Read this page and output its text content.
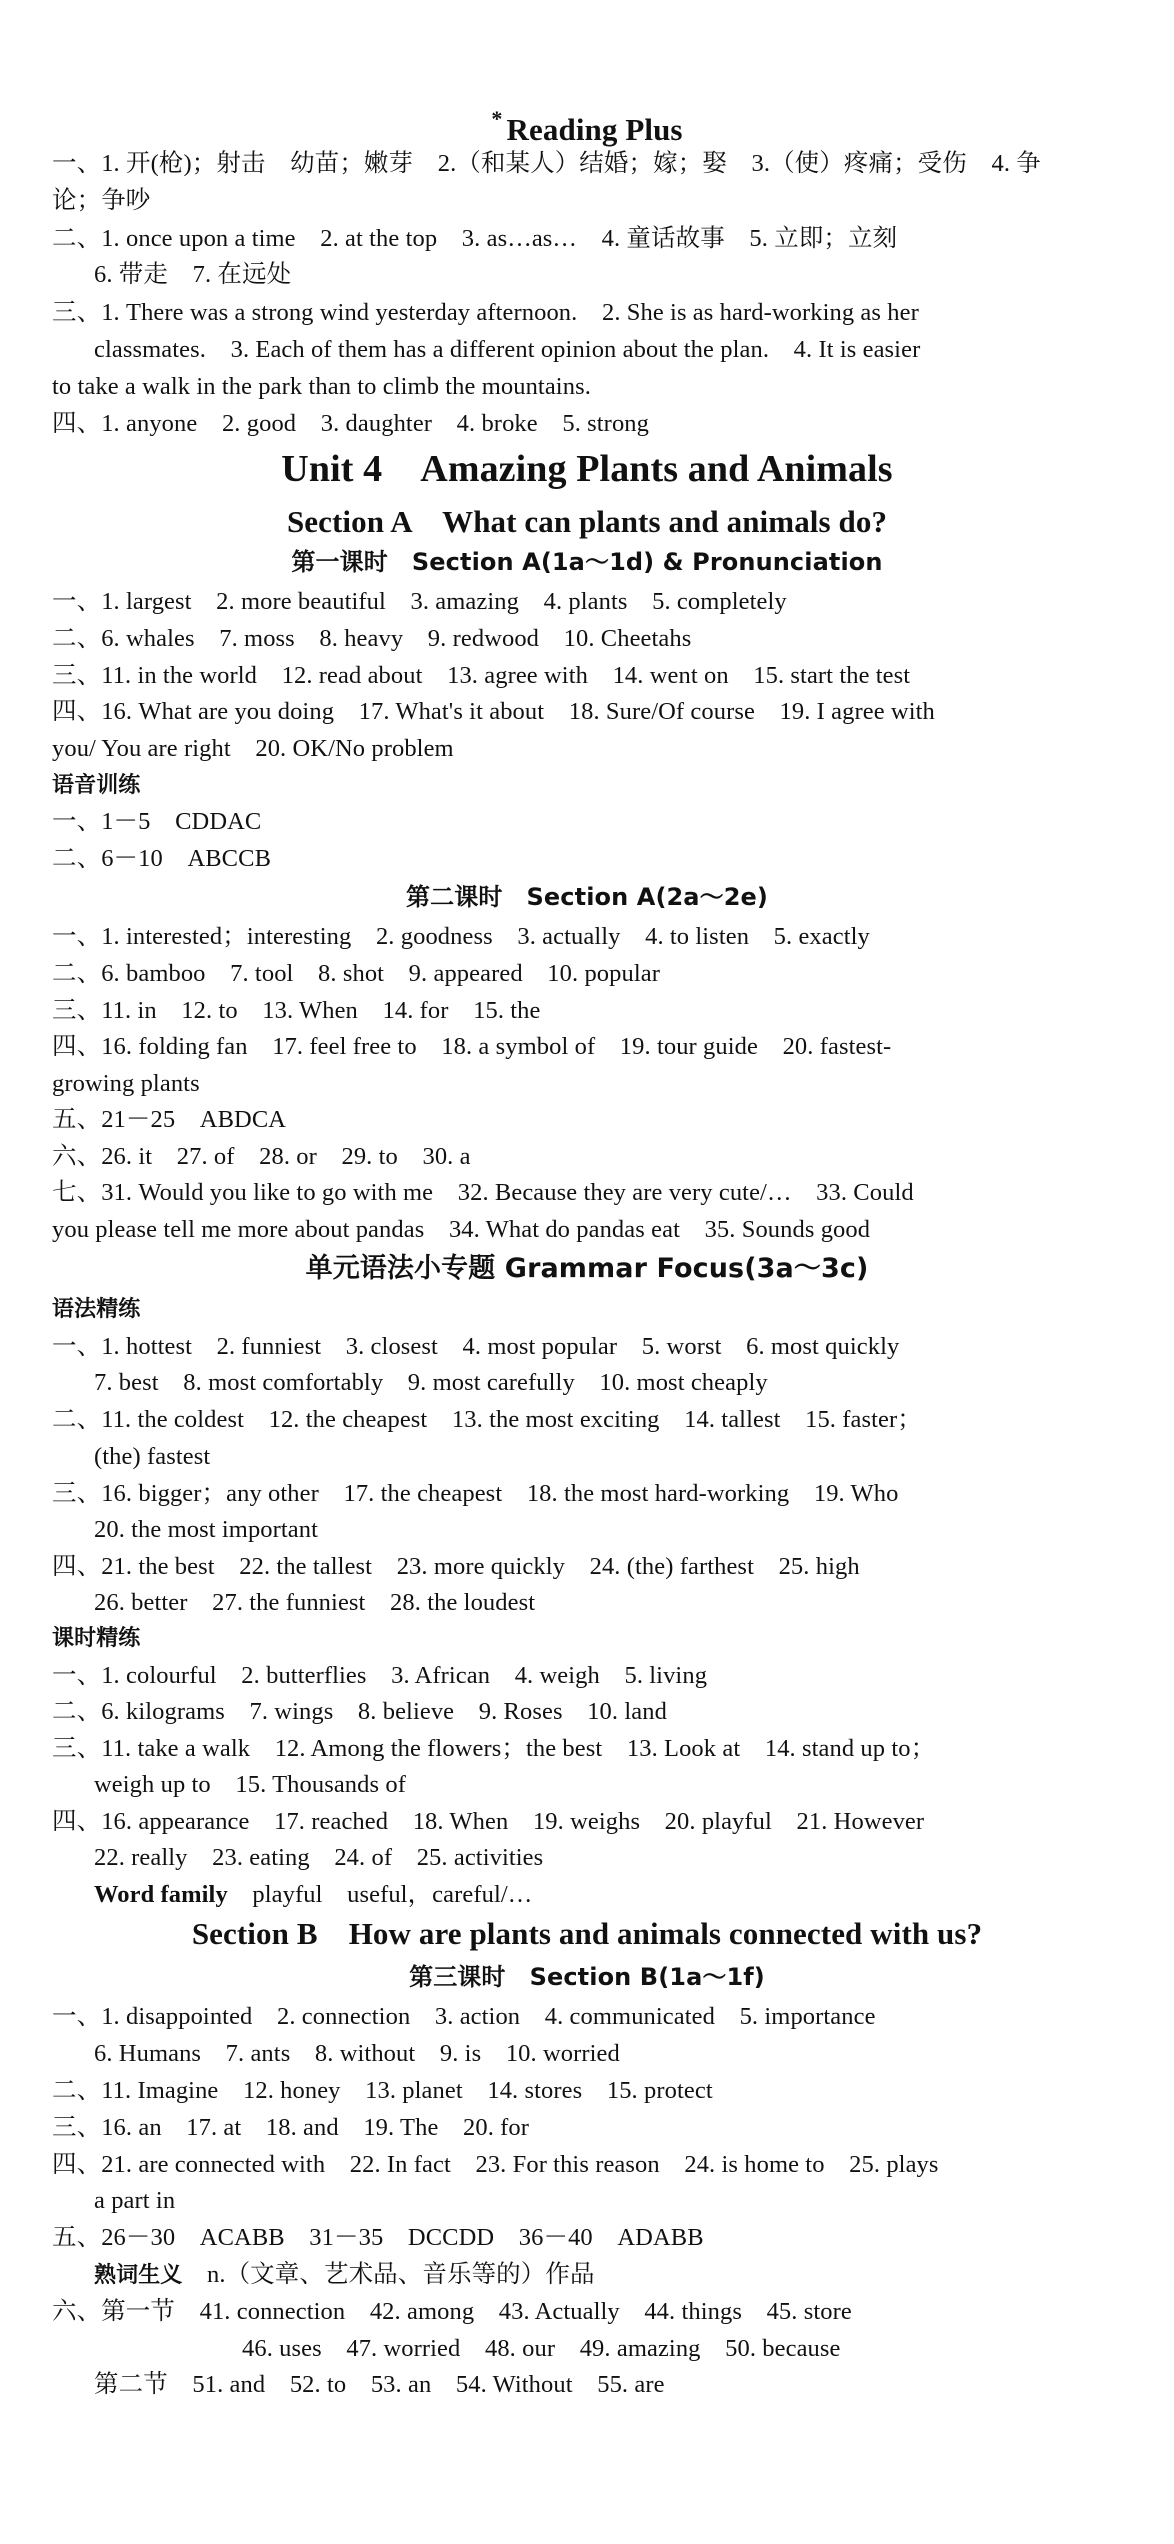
* Reading Plus
一、1. 开(枪)；射击　幼苗；嫩芽　2.（和某人）结婚；嫁；娶　3.（使）疼痛；受伤　4. 争
论；争吵
二、1. once upon a time　2. at the top　3. as…as…　4. 童话故事　5. 立即；立刻
6. 带走　7. 在远处
三、1. There was a strong wind yesterday afternoon.　2. She is as hard-working as her
classmates.　3. Each of them has a different opinion about the plan.　4. It is easier
to take a walk in the park than to climb the mountains.
四、1. anyone　2. good　3. daughter　4. broke　5. strong
Unit 4　Amazing Plants and Animals
Section A　What can plants and animals do?
第一课时　Section A(1a～1d) & Pronunciation
一、1. largest　2. more beautiful　3. amazing　4. plants　5. completely
二、6. whales　7. moss　8. heavy　9. redwood　10. Cheetahs
三、11. in the world　12. read about　13. agree with　14. went on　15. start the test
四、16. What are you doing　17. What's it about　18. Sure/Of course　19. I agree with
you/ You are right　20. OK/No problem
语音训练
一、1－5　CDDAC
二、6－10　ABCCB
第二课时　Section A(2a～2e)
一、1. interested；interesting　2. goodness　3. actually　4. to listen　5. exactly
二、6. bamboo　7. tool　8. shot　9. appeared　10. popular
三、11. in　12. to　13. When　14. for　15. the
四、16. folding fan　17. feel free to　18. a symbol of　19. tour guide　20. fastest-
growing plants
五、21－25　ABDCA
六、26. it　27. of　28. or　29. to　30. a
七、31. Would you like to go with me　32. Because they are very cute/…　33. Could
you please tell me more about pandas　34. What do pandas eat　35. Sounds good
单元语法小专题 Grammar Focus(3a～3c)
语法精练
一、1. hottest　2. funniest　3. closest　4. most popular　5. worst　6. most quickly
7. best　8. most comfortably　9. most carefully　10. most cheaply
二、11. the coldest　12. the cheapest　13. the most exciting　14. tallest　15. faster；
(the) fastest
三、16. bigger；any other　17. the cheapest　18. the most hard-working　19. Who
20. the most important
四、21. the best　22. the tallest　23. more quickly　24. (the) farthest　25. high
26. better　27. the funniest　28. the loudest
课时精练
一、1. colourful　2. butterflies　3. African　4. weigh　5. living
二、6. kilograms　7. wings　8. believe　9. Roses　10. land
三、11. take a walk　12. Among the flowers；the best　13. Look at　14. stand up to；
weigh up to　15. Thousands of
四、16. appearance　17. reached　18. When　19. weighs　20. playful　21. However
22. really　23. eating　24. of　25. activities
Word family　playful　useful，careful/…
Section B　How are plants and animals connected with us?
第三课时　Section B(1a～1f)
一、1. disappointed　2. connection　3. action　4. communicated　5. importance
6. Humans　7. ants　8. without　9. is　10. worried
二、11. Imagine　12. honey　13. planet　14. stores　15. protect
三、16. an　17. at　18. and　19. The　20. for
四、21. are connected with　22. In fact　23. For this reason　24. is home to　25. plays
a part in
五、26－30　ACABB　31－35　DCCDD　36－40　ADABB
熟词生义　n.（文章、艺术品、音乐等的）作品
六、第一节　41. connection　42. among　43. Actually　44. things　45. store
46. uses　47. worried　48. our　49. amazing　50. because
第二节　51. and　52. to　53. an　54. Without　55. are
